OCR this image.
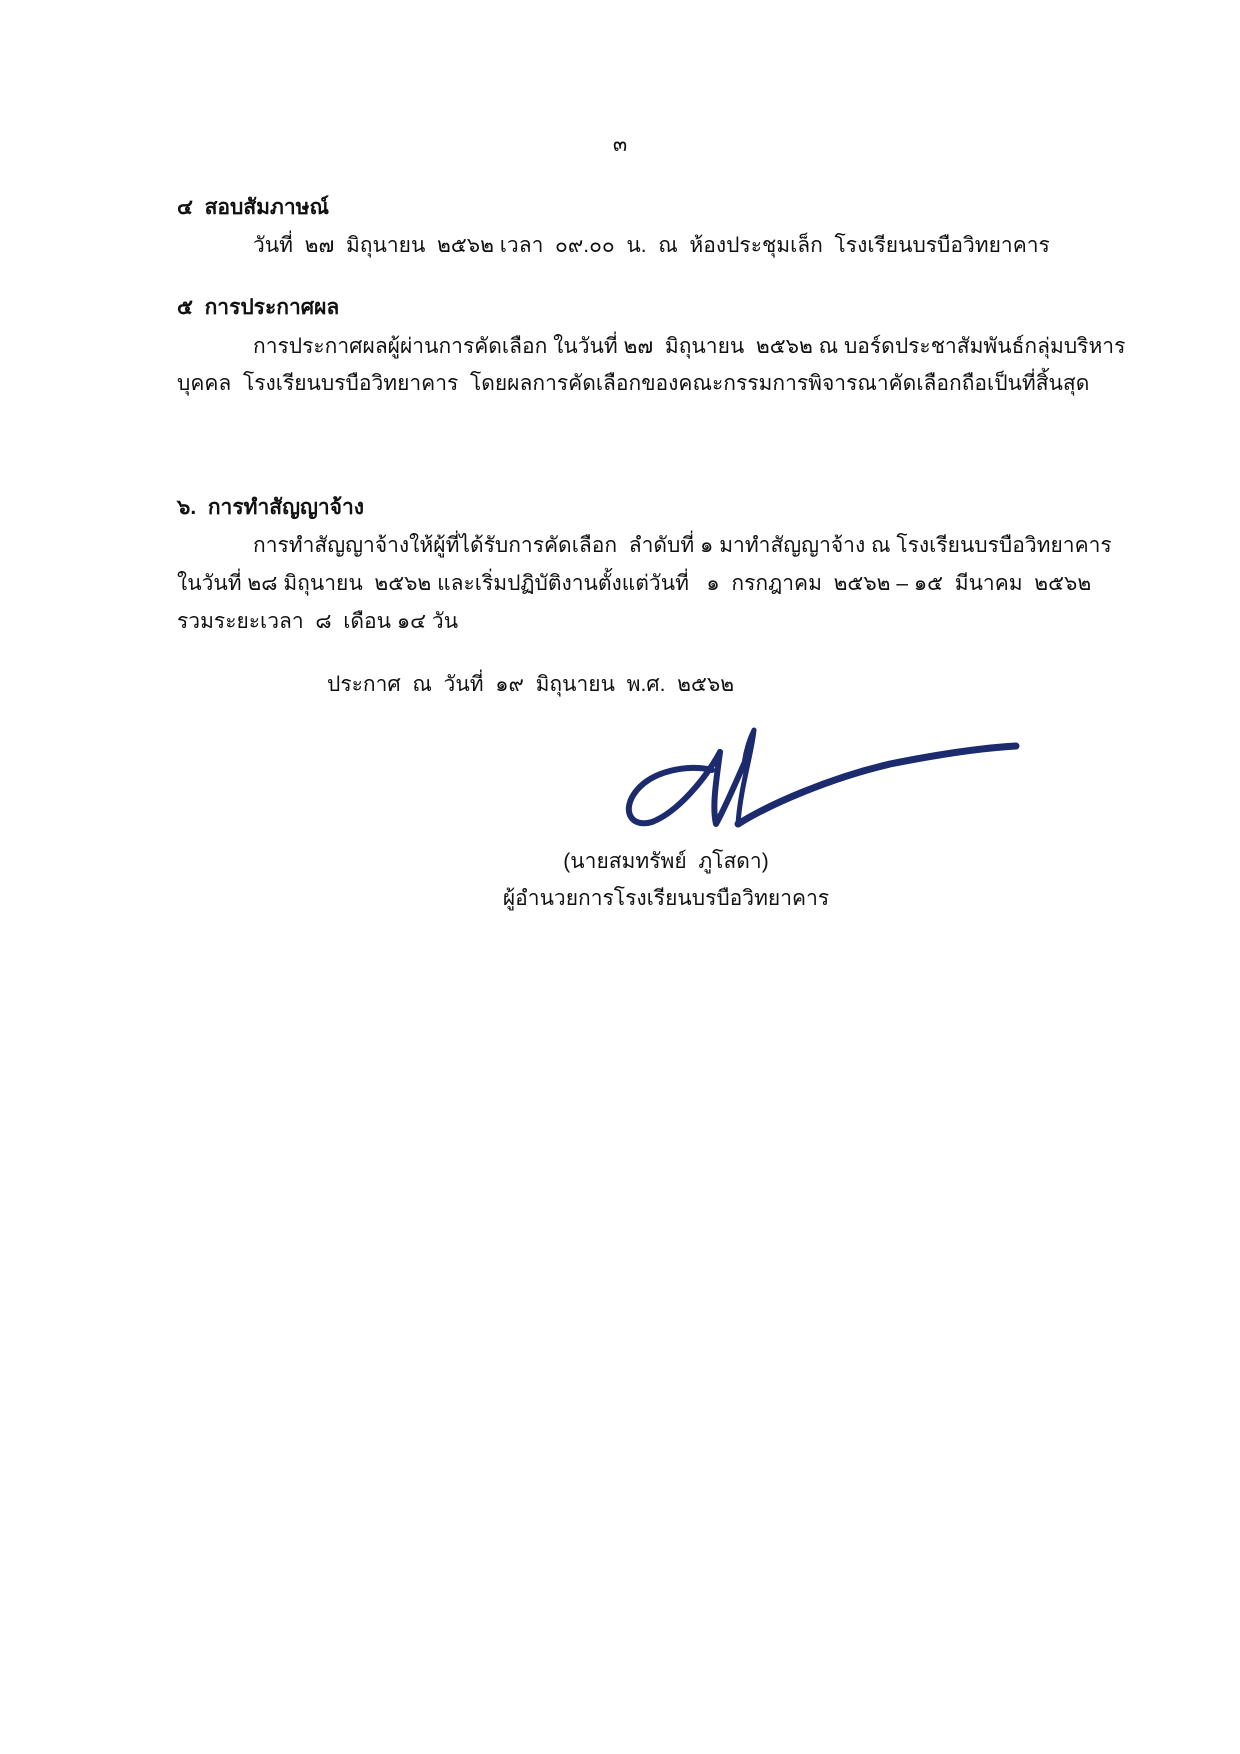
๓
๔  สอบสัมภาษณ์
วันที่  ๒๗  มิถุนายน  ๒๕๖๒ เวลา  ๐๙.๐๐  น.  ณ  ห้องประชุมเล็ก  โรงเรียนบรบือวิทยาคาร
๕  การประกาศผล
การประกาศผลผู้ผ่านการคัดเลือก ในวันที่ ๒๗  มิถุนายน  ๒๕๖๒ ณ บอร์ดประชาสัมพันธ์กลุ่มบริหาร
บุคคล  โรงเรียนบรบือวิทยาคาร  โดยผลการคัดเลือกของคณะกรรมการพิจารณาคัดเลือกถือเป็นที่สิ้นสุด
๖.  การทำสัญญาจ้าง
การทำสัญญาจ้างให้ผู้ที่ได้รับการคัดเลือก  ลำดับที่ ๑ มาทำสัญญาจ้าง ณ โรงเรียนบรบือวิทยาคาร
ในวันที่ ๒๘ มิถุนายน  ๒๕๖๒ และเริ่มปฏิบัติงานตั้งแต่วันที่   ๑  กรกฎาคม  ๒๕๖๒ – ๑๕  มีนาคม  ๒๕๖๒
รวมระยะเวลา  ๘  เดือน ๑๔ วัน
ประกาศ  ณ  วันที่  ๑๙  มิถุนายน  พ.ศ.  ๒๕๖๒
(นายสมทรัพย์  ภูโสดา)
ผู้อำนวยการโรงเรียนบรบือวิทยาคาร
